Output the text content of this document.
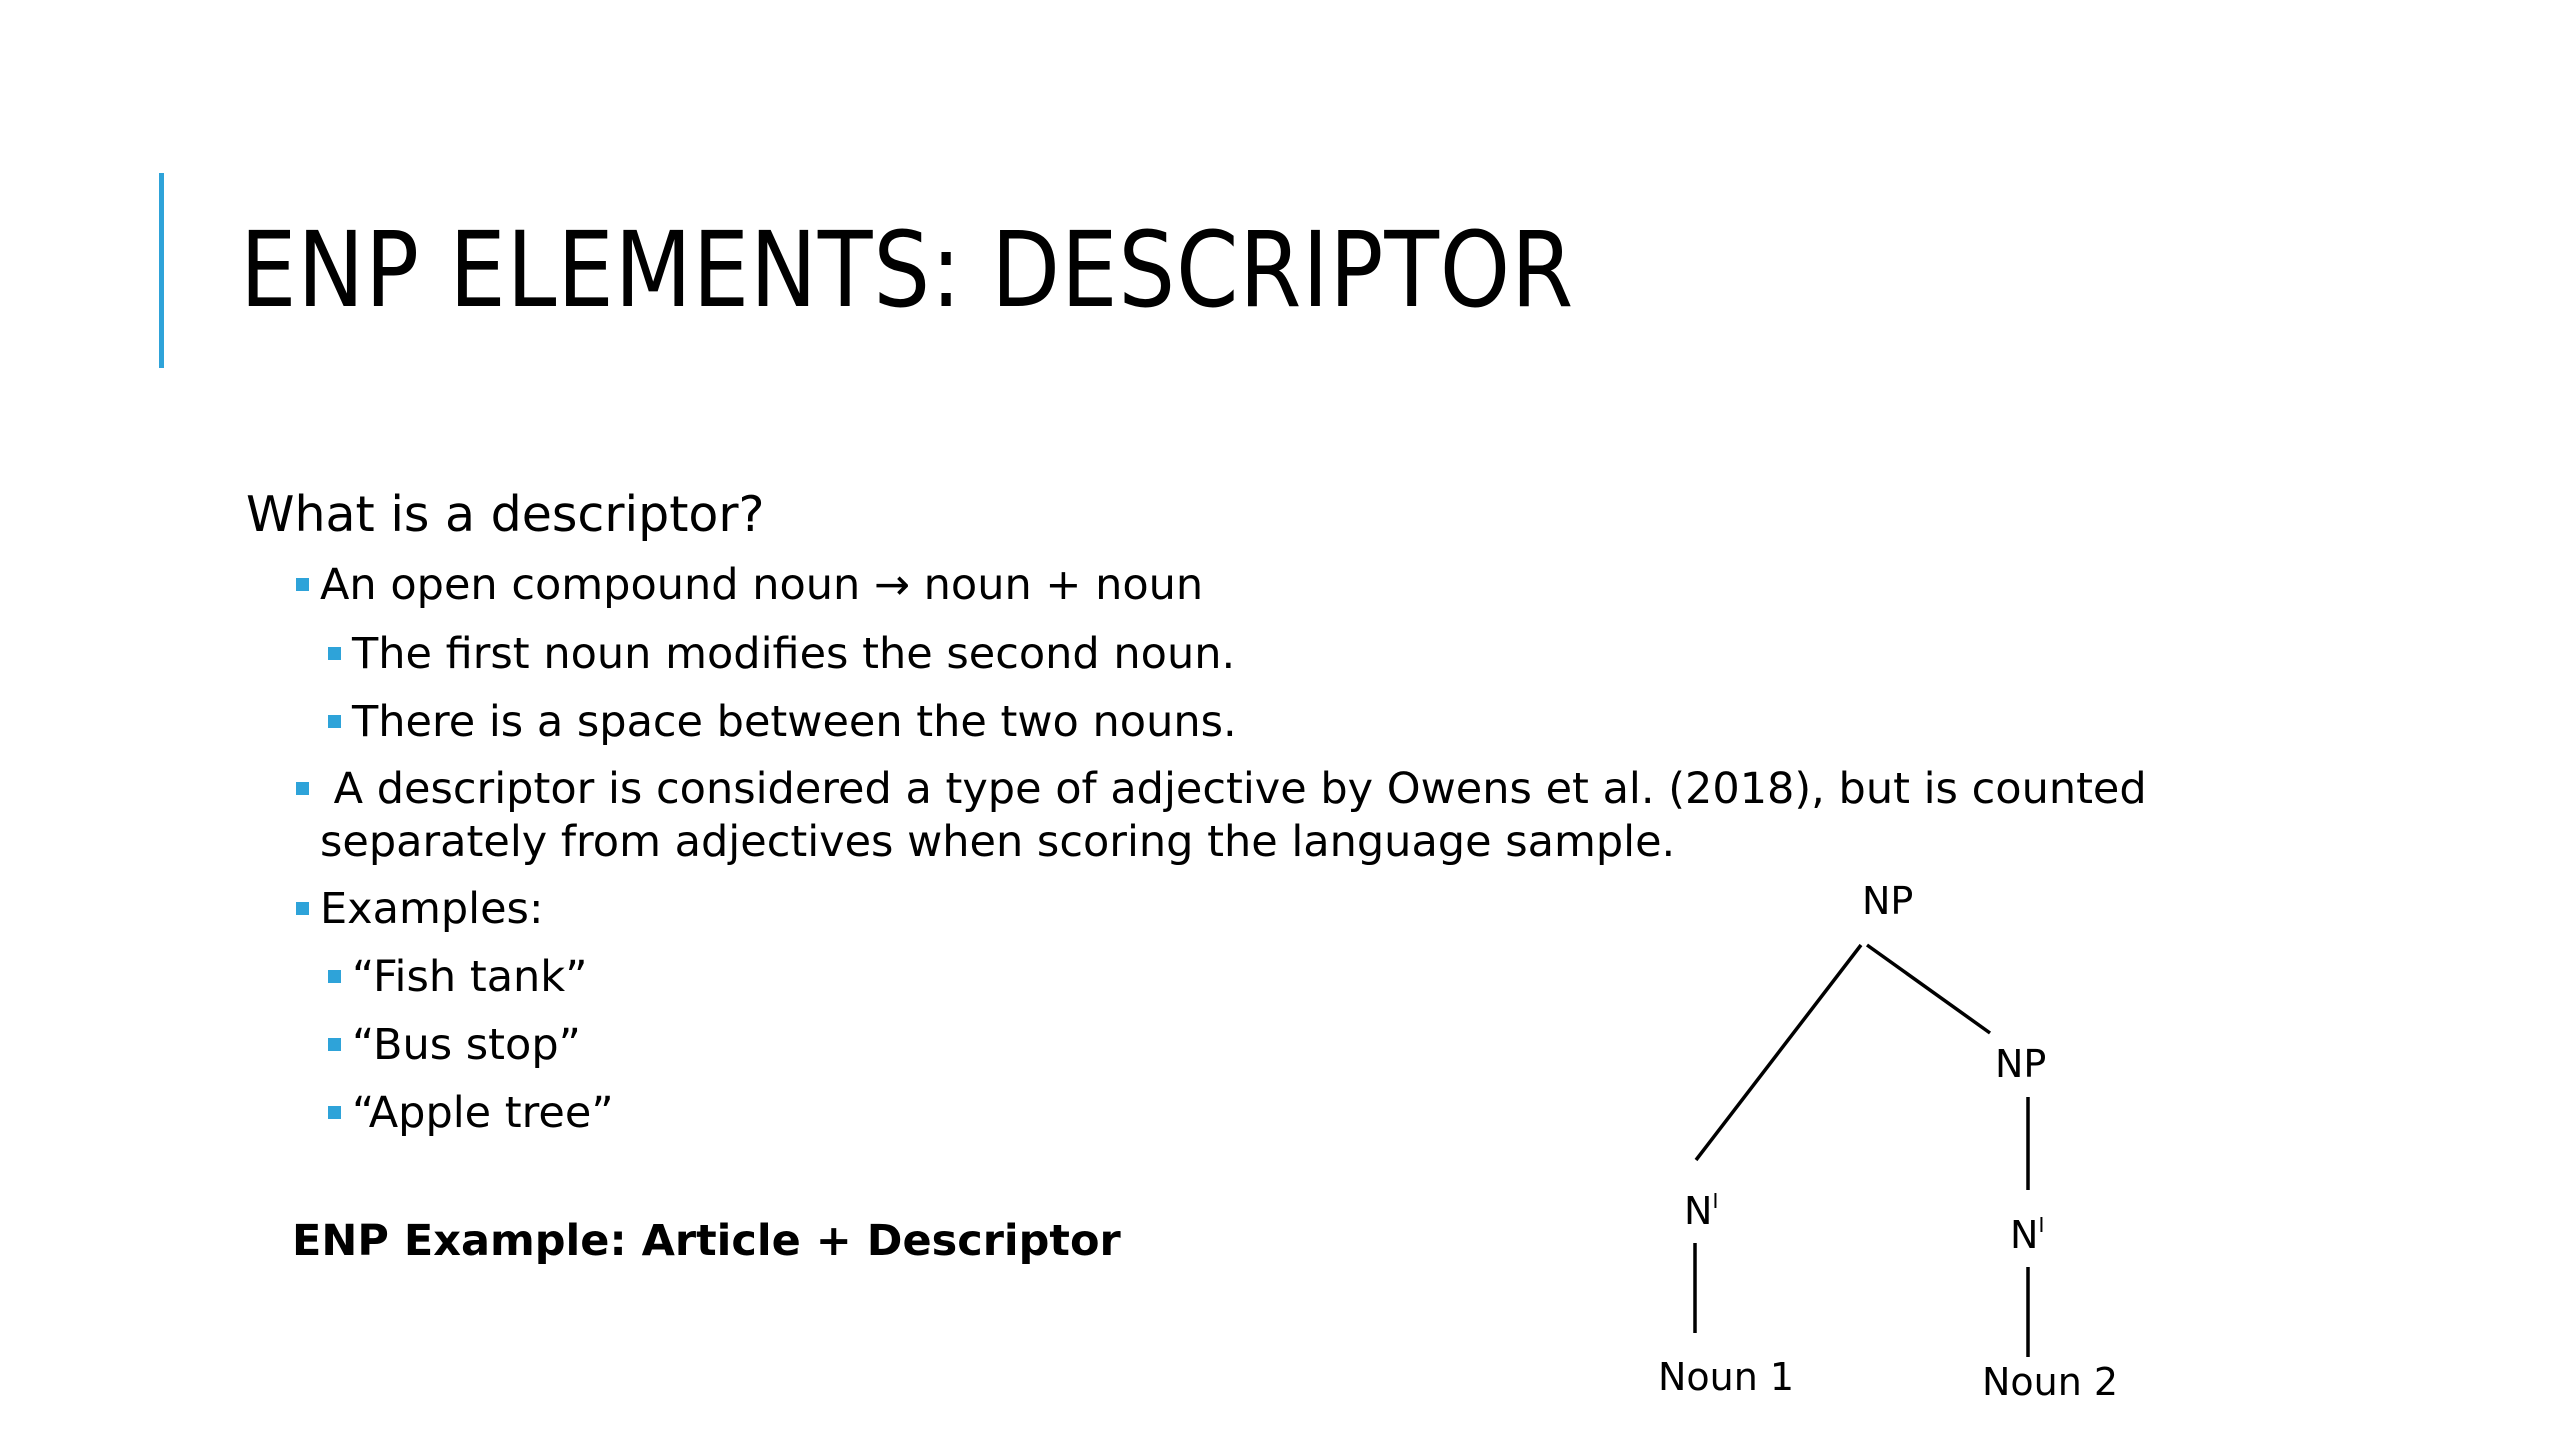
ENP ELEMENTS: DESCRIPTOR
What is a descriptor?
An open compound noun → noun + noun
The first noun modifies the second noun.
There is a space between the two nouns.
A descriptor is considered a type of adjective by Owens et al. (2018), but is counted
separately from adjectives when scoring the language sample.
Examples:
“Fish tank”
“Bus stop”
“Apple tree”
ENP Example: Article + Descriptor
NP
NP
$N^I$
$N^I$
Noun 1	Noun 2
